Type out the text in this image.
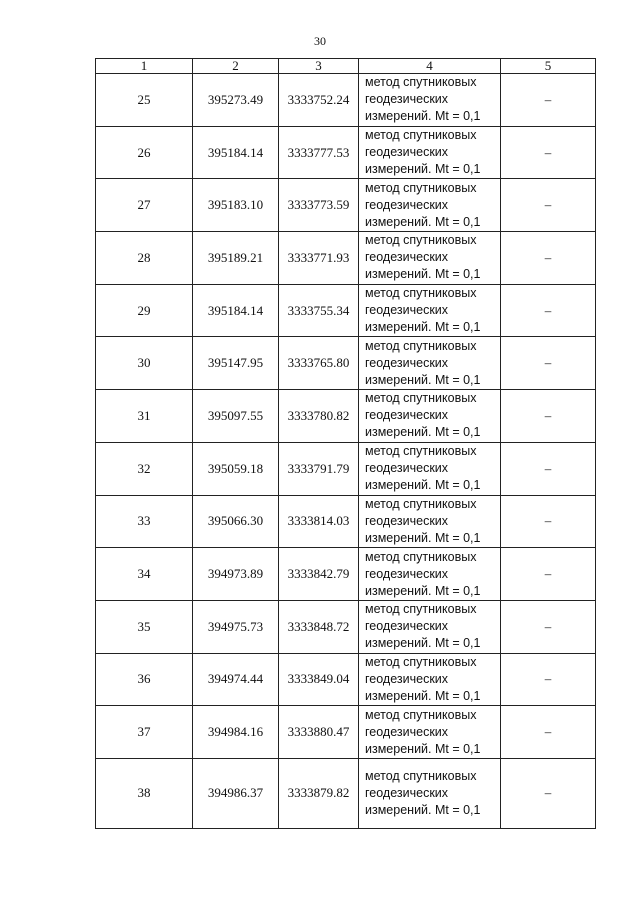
30
1	2	3	4	5
25	395273.49	3333752.24	метод спутниковых
геодезических
измерений. Mt = 0,1	–
26	395184.14	3333777.53	метод спутниковых
геодезических
измерений. Mt = 0,1	–
27	395183.10	3333773.59	метод спутниковых
геодезических
измерений. Mt = 0,1	–
28	395189.21	3333771.93	метод спутниковых
геодезических
измерений. Mt = 0,1	–
29	395184.14	3333755.34	метод спутниковых
геодезических
измерений. Mt = 0,1	–
30	395147.95	3333765.80	метод спутниковых
геодезических
измерений. Mt = 0,1	–
31	395097.55	3333780.82	метод спутниковых
геодезических
измерений. Mt = 0,1	–
32	395059.18	3333791.79	метод спутниковых
геодезических
измерений. Mt = 0,1	–
33	395066.30	3333814.03	метод спутниковых
геодезических
измерений. Mt = 0,1	–
34	394973.89	3333842.79	метод спутниковых
геодезических
измерений. Mt = 0,1	–
35	394975.73	3333848.72	метод спутниковых
геодезических
измерений. Mt = 0,1	–
36	394974.44	3333849.04	метод спутниковых
геодезических
измерений. Mt = 0,1	–
37	394984.16	3333880.47	метод спутниковых
геодезических
измерений. Mt = 0,1	–
38	394986.37	3333879.82	метод спутниковых
геодезических
измерений. Mt = 0,1	–
